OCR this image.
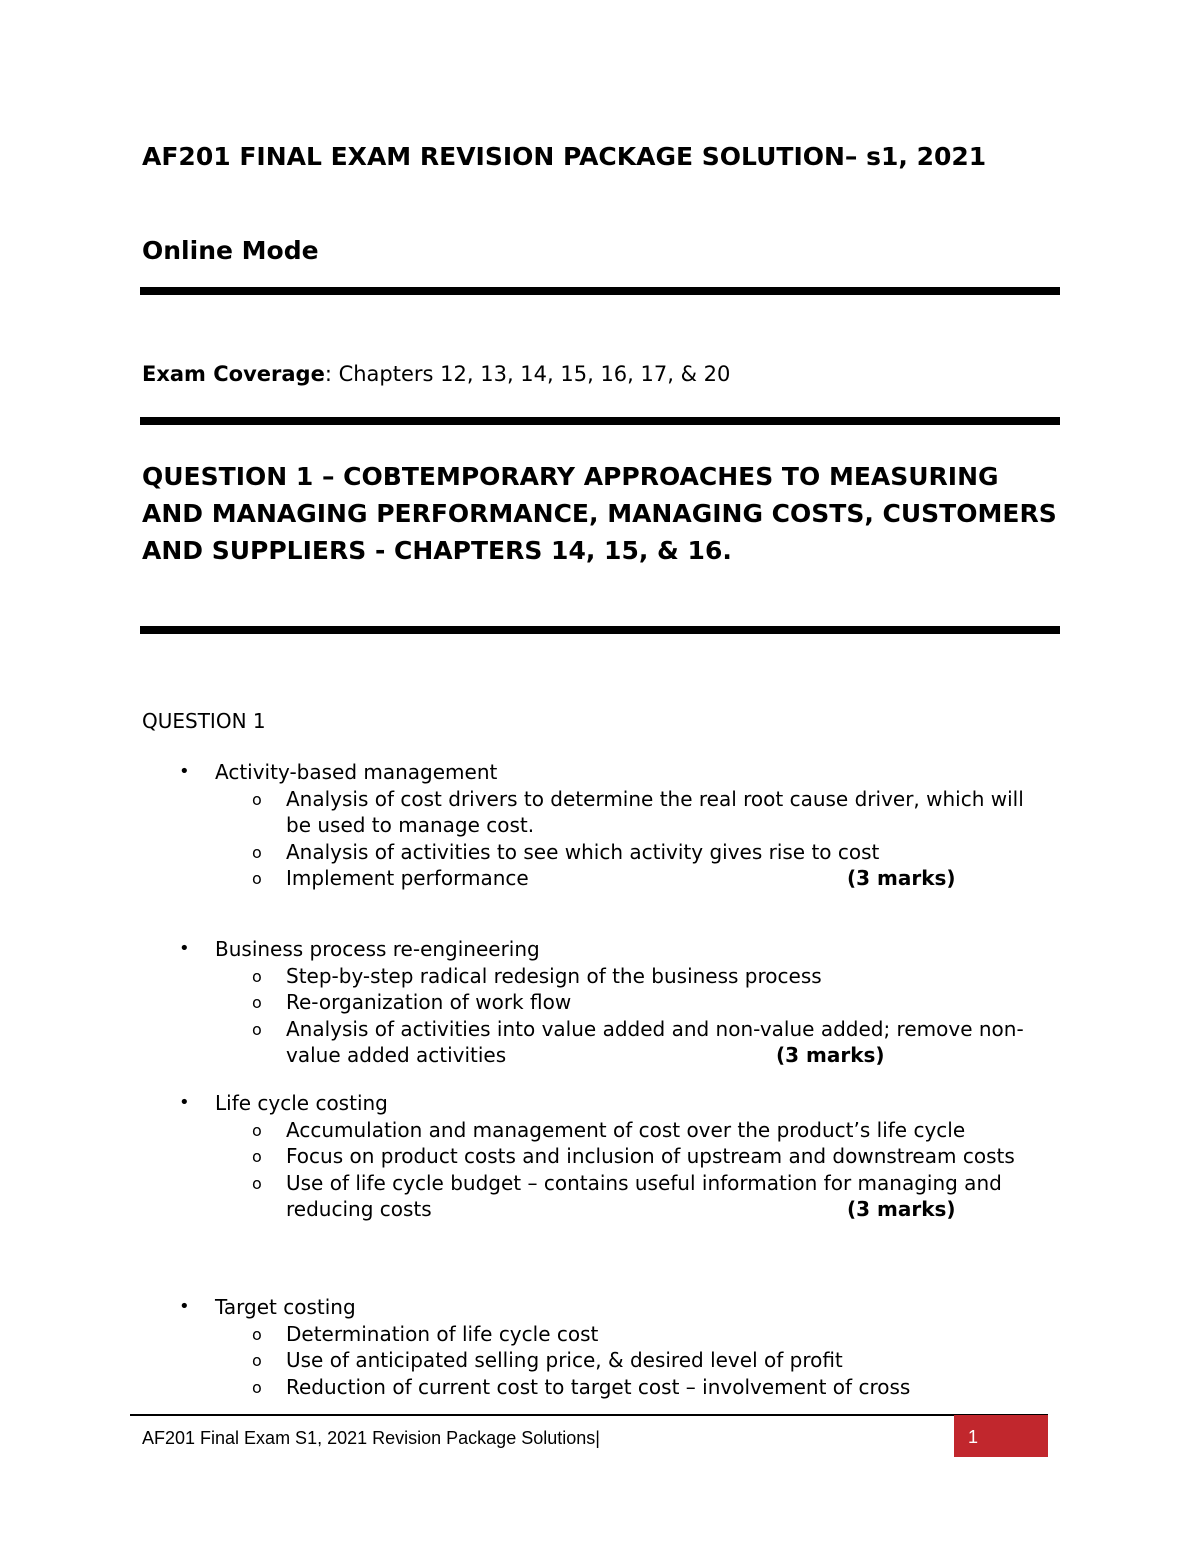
AF201 FINAL EXAM REVISION PACKAGE SOLUTION– s1, 2021
Online Mode
Exam Coverage: Chapters 12, 13, 14, 15, 16, 17, & 20
QUESTION 1 – COBTEMPORARY APPROACHES TO MEASURING AND MANAGING PERFORMANCE, MANAGING COSTS, CUSTOMERS AND SUPPLIERS - CHAPTERS 14, 15, & 16.
QUESTION 1
• Activity-based management
o Analysis of cost drivers to determine the real root cause driver, which will be used to manage cost.
o Analysis of activities to see which activity gives rise to cost
o Implement performance	(3 marks)
• Business process re-engineering
o Step-by-step radical redesign of the business process
o Re-organization of work flow
o Analysis of activities into value added and non-value added; remove non-value added activities	(3 marks)
• Life cycle costing
o Accumulation and management of cost over the product’s life cycle
o Focus on product costs and inclusion of upstream and downstream costs
o Use of life cycle budget – contains useful information for managing and reducing costs	(3 marks)
• Target costing
o Determination of life cycle cost
o Use of anticipated selling price, & desired level of profit
o Reduction of current cost to target cost – involvement of cross
AF201 Final Exam S1, 2021 Revision Package Solutions|	1
